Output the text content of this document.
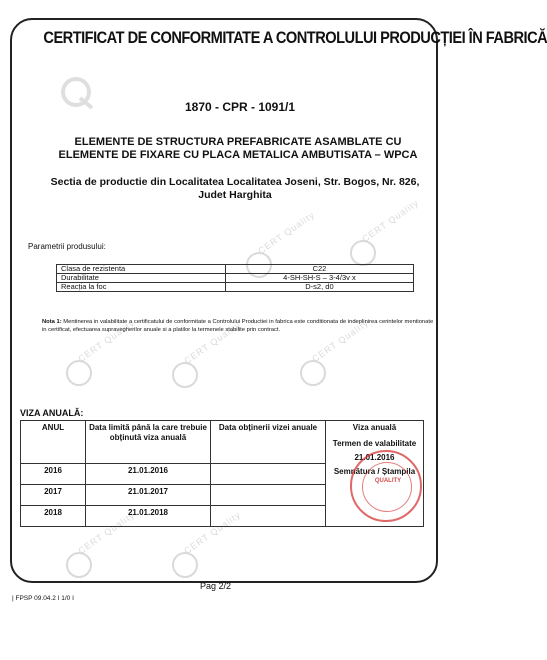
CERTIFICAT DE CONFORMITATE A CONTROLULUI PRODUCȚIEI ÎN FABRICĂ
1870 - CPR - 1091/1
ELEMENTE DE STRUCTURA PREFABRICATE ASAMBLATE CU
ELEMENTE DE FIXARE CU PLACA METALICA AMBUTISATA – WPCA
Sectia de productie din Localitatea Localitatea Joseni, Str. Bogos, Nr. 826,
Judet Harghita
Parametrii produsului:
Clasa de rezistenta	C22
Durabilitate	4-SH-SH-S – 3-4/3v x
Reacția la foc	D-s2, d0
Nota 1: Mentinerea in valabilitate a certificatului de conformitate a Controlului Productiei in fabrica este conditionata de indeplinirea cerintelor mentionate in certificat, efectuarea supravegherilor anuale si a platilor la termenele stabilite prin contract.
CERT Quality	CERT Quality
CERT Quality	CERT Quality	CERT Quality
CERT Quality	CERT Quality
VIZA ANUALĂ:
ANUL	Data limită până la care trebuie obținută viza anuală	Data obținerii vizei anuale	Viza anuală
Termen de valabilitate
21.01.2016
Semnătura / Ștampila

2016	21.01.2016		
2017	21.01.2017		
2018	21.01.2018		
QUALITY
Pag 2/2
| FPSP 09.04.2 I 1/0 I
